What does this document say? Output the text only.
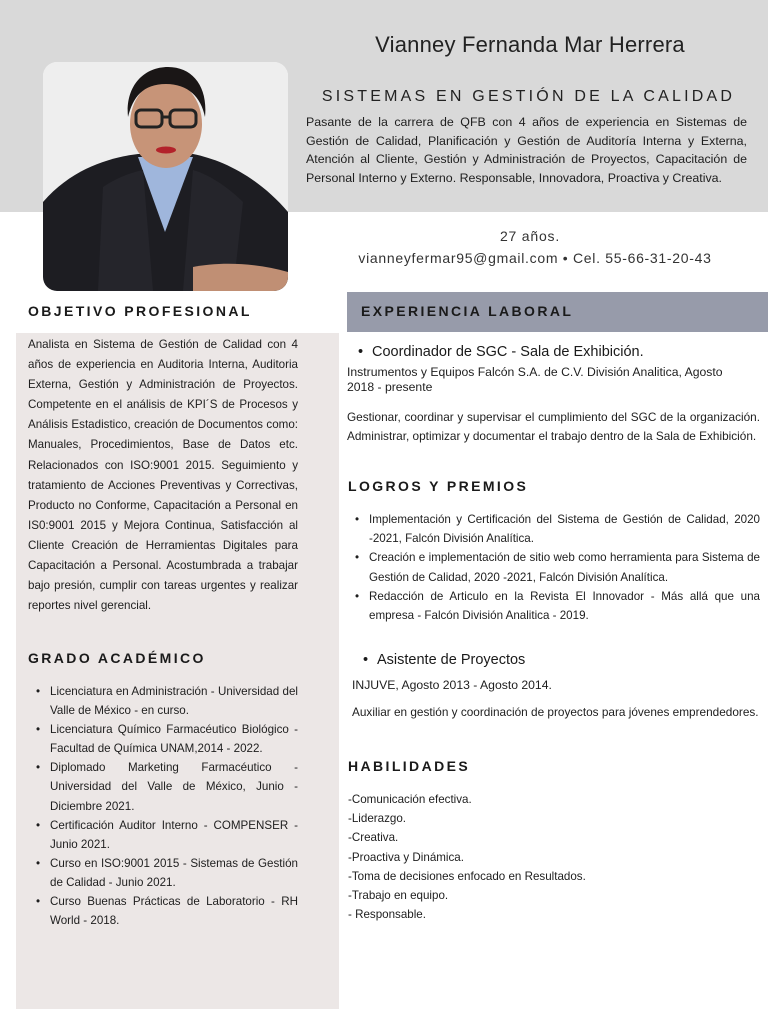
Vianney Fernanda Mar Herrera
SISTEMAS EN GESTIÓN DE LA CALIDAD
Pasante de la carrera de QFB con 4 años de experiencia en Sistemas de Gestión de Calidad, Planificación y Gestión de Auditoría Interna y Externa, Atención al Cliente, Gestión y Administración de Proyectos, Capacitación de Personal Interno y Externo. Responsable, Innovadora, Proactiva y Creativa.
27 años.
vianneyfermar95@gmail.com • Cel. 55-66-31-20-43
OBJETIVO PROFESIONAL
Analista en Sistema de Gestión de Calidad con 4 años de experiencia en Auditoria Interna, Auditoria Externa, Gestión y Administración de Proyectos. Competente en el análisis de KPI´S de Procesos y Análisis Estadistico, creación de Documentos como: Manuales, Procedimientos, Base de Datos etc. Relacionados con ISO:9001 2015. Seguimiento y tratamiento de Acciones Preventivas y Correctivas, Producto no Conforme, Capacitación a Personal en IS0:9001 2015 y Mejora Continua, Satisfacción al Cliente Creación de Herramientas Digitales para Capacitación a Personal. Acostumbrada a trabajar bajo presión, cumplir con tareas urgentes y realizar reportes nivel gerencial.
GRADO ACADÉMICO
• Licenciatura en Administración - Universidad del Valle de México - en curso.
• Licenciatura Químico Farmacéutico Biológico - Facultad de Química UNAM,2014 - 2022.
• Diplomado Marketing Farmacéutico - Universidad del Valle de México, Junio - Diciembre 2021.
• Certificación Auditor Interno - COMPENSER - Junio 2021.
• Curso en ISO:9001 2015 - Sistemas de Gestión de Calidad - Junio 2021.
• Curso Buenas Prácticas de Laboratorio - RH World - 2018.
EXPERIENCIA LABORAL
• Coordinador de SGC - Sala de Exhibición.
Instrumentos y Equipos Falcón S.A. de C.V. División Analitica, Agosto 2018 - presente
Gestionar, coordinar y supervisar el cumplimiento del SGC de la organización. Administrar, optimizar y documentar el trabajo dentro de la Sala de Exhibición.
LOGROS Y PREMIOS
• Implementación y Certificación del Sistema de Gestión de Calidad, 2020 -2021, Falcón División Analítica.
• Creación e implementación de sitio web como herramienta para Sistema de Gestión de Calidad, 2020 -2021, Falcón División Analítica.
• Redacción de Articulo en la Revista El Innovador - Más allá que una empresa - Falcón División Analitica - 2019.
• Asistente de Proyectos
INJUVE, Agosto 2013 - Agosto 2014.
Auxiliar en gestión y coordinación de proyectos para jóvenes emprendedores.
HABILIDADES
-Comunicación efectiva.
-Liderazgo.
-Creativa.
-Proactiva y Dinámica.
-Toma de decisiones enfocado en Resultados.
-Trabajo en equipo.
- Responsable.
